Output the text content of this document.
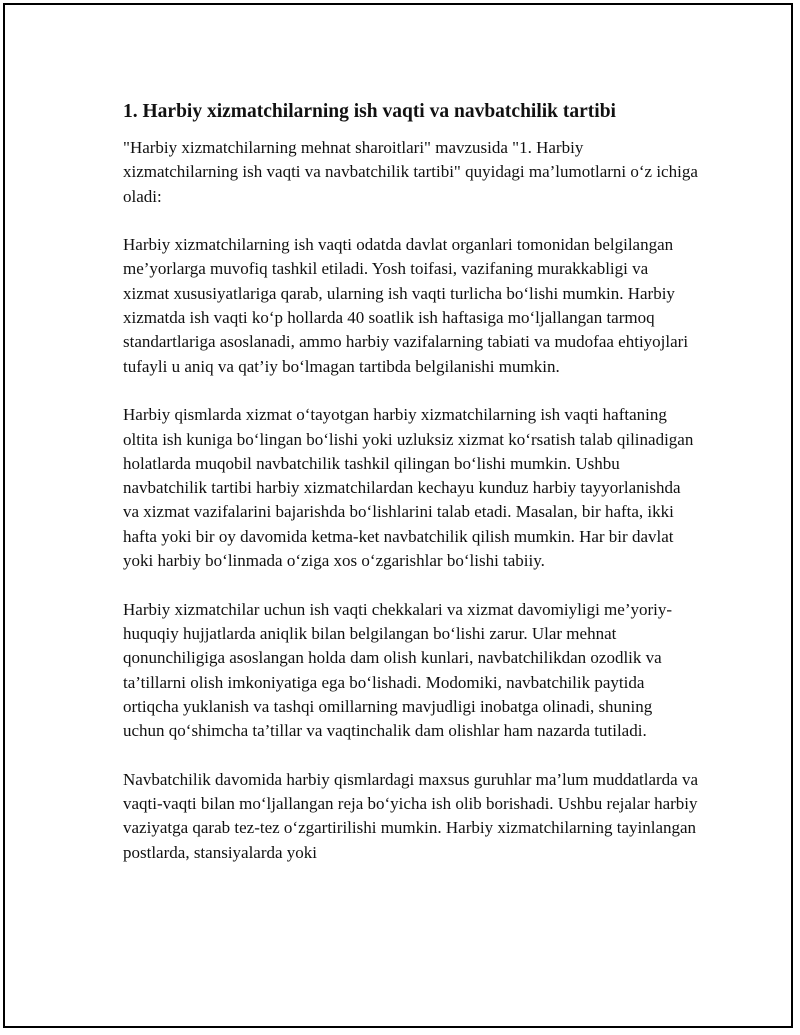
1. Harbiy xizmatchilarning ish vaqti va navbatchilik tartibi

"Harbiy xizmatchilarning mehnat sharoitlari" mavzusida "1. Harbiy xizmatchilarning ish vaqti va navbatchilik tartibi" quyidagi ma’lumotlarni o‘z ichiga oladi:

Harbiy xizmatchilarning ish vaqti odatda davlat organlari tomonidan belgilangan me’yorlarga muvofiq tashkil etiladi. Yosh toifasi, vazifaning murakkabligi va xizmat xususiyatlariga qarab, ularning ish vaqti turlicha bo‘lishi mumkin. Harbiy xizmatda ish vaqti ko‘p hollarda 40 soatlik ish haftasiga mo‘ljallangan tarmoq standartlariga asoslanadi, ammo harbiy vazifalarning tabiati va mudofaa ehtiyojlari tufayli u aniq va qat’iy bo‘lmagan tartibda belgilanishi mumkin.

Harbiy qismlarda xizmat o‘tayotgan harbiy xizmatchilarning ish vaqti haftaning oltita ish kuniga bo‘lingan bo‘lishi yoki uzluksiz xizmat ko‘rsatish talab qilinadigan holatlarda muqobil navbatchilik tashkil qilingan bo‘lishi mumkin. Ushbu navbatchilik tartibi harbiy xizmatchilardan kechayu kunduz harbiy tayyorlanishda va xizmat vazifalarini bajarishda bo‘lishlarini talab etadi. Masalan, bir hafta, ikki hafta yoki bir oy davomida ketma-ket navbatchilik qilish mumkin. Har bir davlat yoki harbiy bo‘linmada o‘ziga xos o‘zgarishlar bo‘lishi tabiiy.

Harbiy xizmatchilar uchun ish vaqti chekkalari va xizmat davomiyligi me’yoriy-huquqiy hujjatlarda aniqlik bilan belgilangan bo‘lishi zarur. Ular mehnat qonunchiligiga asoslangan holda dam olish kunlari, navbatchilikdan ozodlik va ta’tillarni olish imkoniyatiga ega bo‘lishadi. Modomiki, navbatchilik paytida ortiqcha yuklanish va tashqi omillarning mavjudligi inobatga olinadi, shuning uchun qo‘shimcha ta’tillar va vaqtinchalik dam olishlar ham nazarda tutiladi.

Navbatchilik davomida harbiy qismlardagi maxsus guruhlar ma’lum muddatlarda va vaqti-vaqti bilan mo‘ljallangan reja bo‘yicha ish olib borishadi. Ushbu rejalar harbiy vaziyatga qarab tez-tez o‘zgartirilishi mumkin. Harbiy xizmatchilarning tayinlangan postlarda, stansiyalarda yoki
